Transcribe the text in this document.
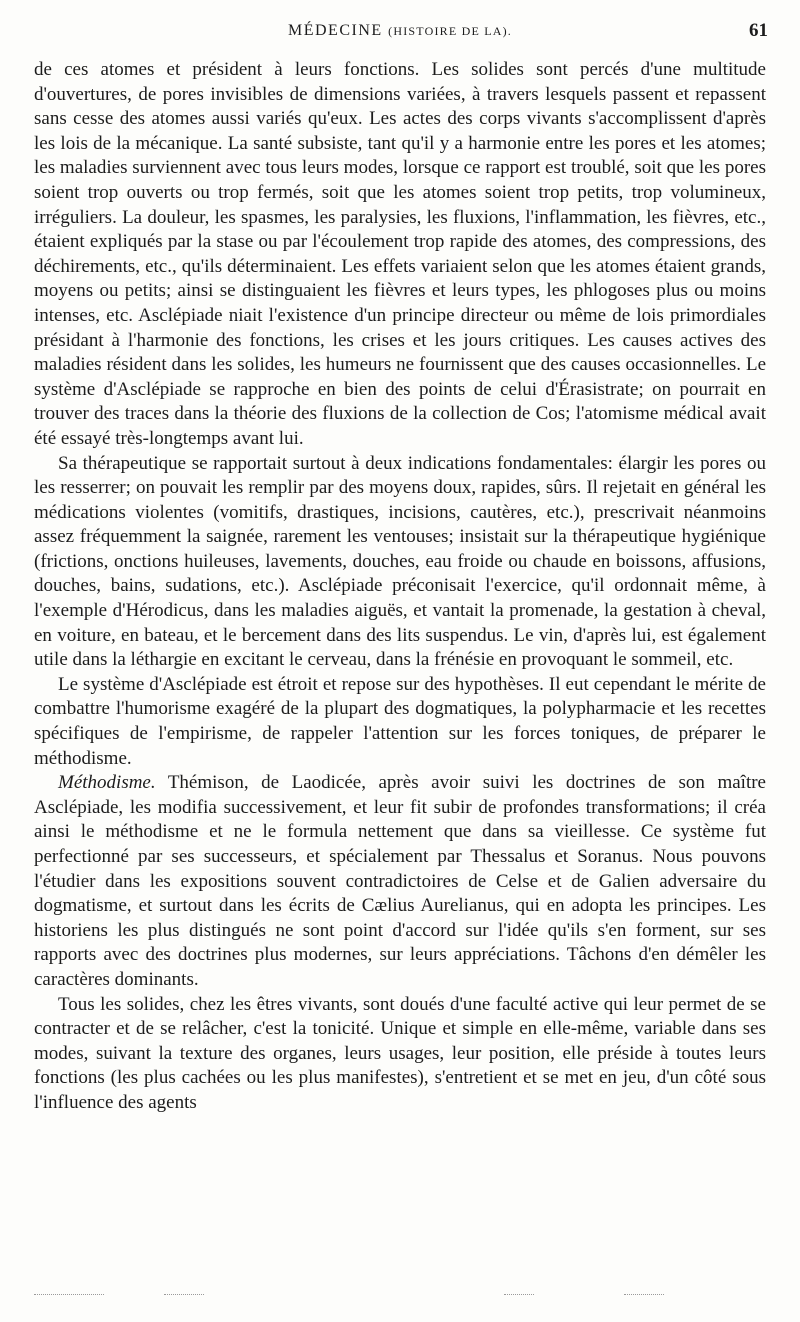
MÉDECINE (HISTOIRE DE LA).	61

de ces atomes et président à leurs fonctions. Les solides sont percés d'une multitude d'ouvertures, de pores invisibles de dimensions variées, à travers lesquels passent et repassent sans cesse des atomes aussi variés qu'eux. Les actes des corps vivants s'accomplissent d'après les lois de la mécanique. La santé subsiste, tant qu'il y a harmonie entre les pores et les atomes; les maladies surviennent avec tous leurs modes, lorsque ce rapport est troublé, soit que les pores soient trop ouverts ou trop fermés, soit que les atomes soient trop petits, trop volumineux, irréguliers. La douleur, les spasmes, les paralysies, les fluxions, l'inflammation, les fièvres, etc., étaient expliqués par la stase ou par l'écoulement trop rapide des atomes, des compressions, des déchirements, etc., qu'ils déterminaient. Les effets variaient selon que les atomes étaient grands, moyens ou petits; ainsi se distinguaient les fièvres et leurs types, les phlogoses plus ou moins intenses, etc. Asclépiade niait l'existence d'un principe directeur ou même de lois primordiales présidant à l'harmonie des fonctions, les crises et les jours critiques. Les causes actives des maladies résident dans les solides, les humeurs ne fournissent que des causes occasionnelles. Le système d'Asclépiade se rapproche en bien des points de celui d'Érasistrate; on pourrait en trouver des traces dans la théorie des fluxions de la collection de Cos; l'atomisme médical avait été essayé très-longtemps avant lui.

Sa thérapeutique se rapportait surtout à deux indications fondamentales: élargir les pores ou les resserrer; on pouvait les remplir par des moyens doux, rapides, sûrs. Il rejetait en général les médications violentes (vomitifs, drastiques, incisions, cautères, etc.), prescrivait néanmoins assez fréquemment la saignée, rarement les ventouses; insistait sur la thérapeutique hygiénique (frictions, onctions huileuses, lavements, douches, eau froide ou chaude en boissons, affusions, douches, bains, sudations, etc.). Asclépiade préconisait l'exercice, qu'il ordonnait même, à l'exemple d'Hérodicus, dans les maladies aiguës, et vantait la promenade, la gestation à cheval, en voiture, en bateau, et le bercement dans des lits suspendus. Le vin, d'après lui, est également utile dans la léthargie en excitant le cerveau, dans la frénésie en provoquant le sommeil, etc.

Le système d'Asclépiade est étroit et repose sur des hypothèses. Il eut cependant le mérite de combattre l'humorisme exagéré de la plupart des dogmatiques, la polypharmacie et les recettes spécifiques de l'empirisme, de rappeler l'attention sur les forces toniques, de préparer le méthodisme.

Méthodisme. Thémison, de Laodicée, après avoir suivi les doctrines de son maître Asclépiade, les modifia successivement, et leur fit subir de profondes transformations; il créa ainsi le méthodisme et ne le formula nettement que dans sa vieillesse. Ce système fut perfectionné par ses successeurs, et spécialement par Thessalus et Soranus. Nous pouvons l'étudier dans les expositions souvent contradictoires de Celse et de Galien adversaire du dogmatisme, et surtout dans les écrits de Cælius Aurelianus, qui en adopta les principes. Les historiens les plus distingués ne sont point d'accord sur l'idée qu'ils s'en forment, sur ses rapports avec des doctrines plus modernes, sur leurs appréciations. Tâchons d'en démêler les caractères dominants.

Tous les solides, chez les êtres vivants, sont doués d'une faculté active qui leur permet de se contracter et de se relâcher, c'est la tonicité. Unique et simple en elle-même, variable dans ses modes, suivant la texture des organes, leurs usages, leur position, elle préside à toutes leurs fonctions (les plus cachées ou les plus manifestes), s'entretient et se met en jeu, d'un côté sous l'influence des agents
